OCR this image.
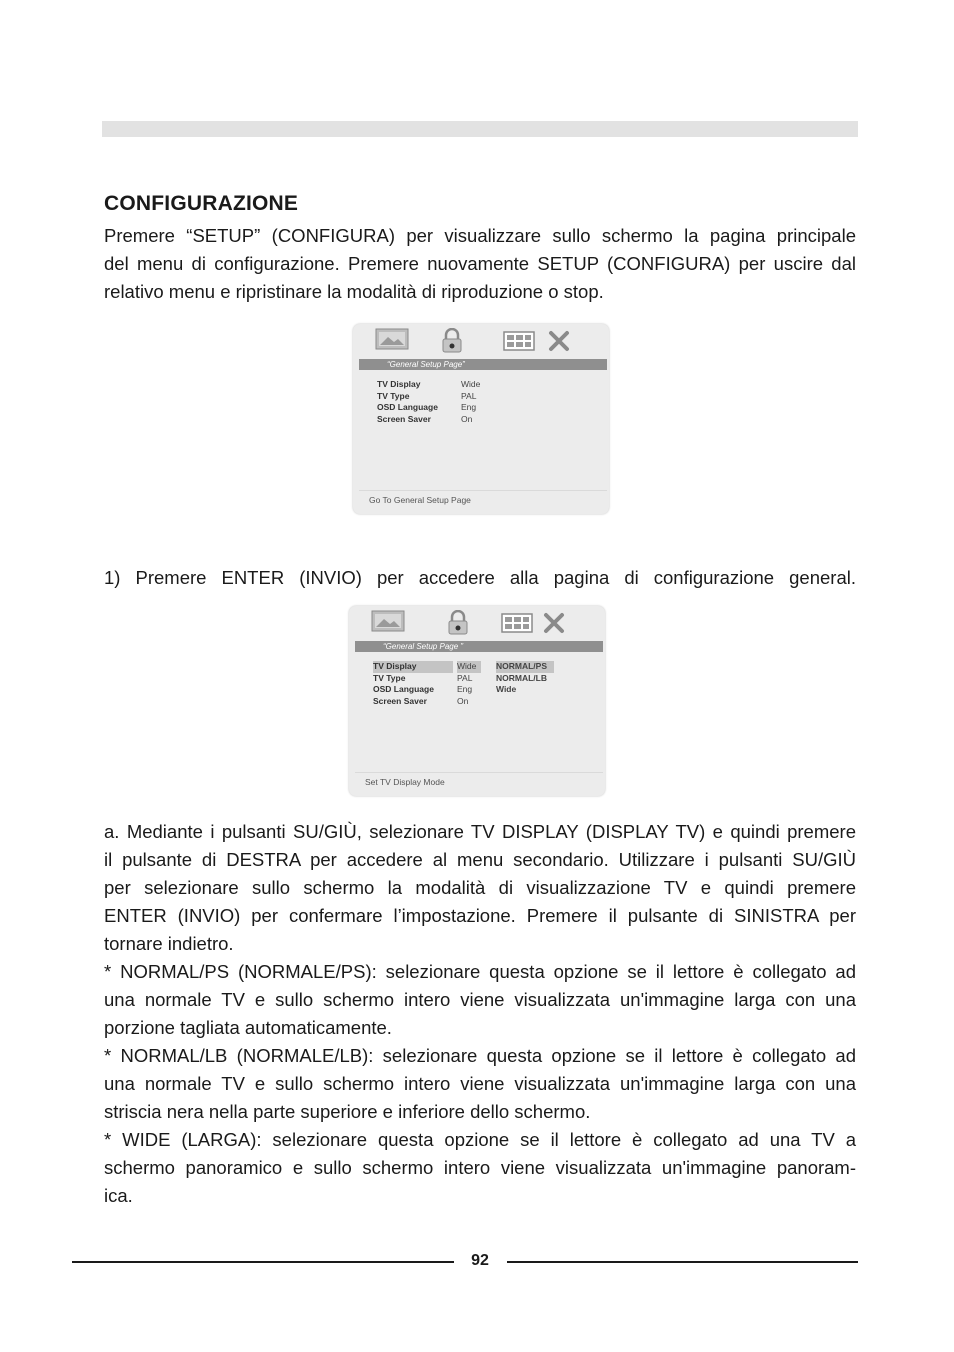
CONFIGURAZIONE
Premere “SETUP” (CONFIGURA) per visualizzare sullo schermo la pagina principale
del menu di configurazione. Premere nuovamente SETUP (CONFIGURA) per uscire dal
relativo menu e ripristinare la modalità di riproduzione o stop.
“General Setup Page”
TV Display	Wide
TV Type	PAL
OSD Language	Eng
Screen Saver	On
Go To General Setup Page
1) Premere ENTER (INVIO) per accedere alla pagina di configurazione general.
“General Setup Page ”
TV Display	Wide	NORMAL/PS
TV Type	PAL	NORMAL/LB
OSD Language	Eng	Wide
Screen Saver	On
Set TV Display Mode
a. Mediante i pulsanti SU/GIÙ, selezionare TV DISPLAY (DISPLAY TV) e quindi premere
il pulsante di DESTRA per accedere al menu secondario. Utilizzare i pulsanti SU/GIÙ
per selezionare sullo schermo la modalità di visualizzazione TV e quindi premere
ENTER (INVIO) per confermare l’impostazione. Premere il pulsante di SINISTRA per
tornare indietro.
* NORMAL/PS (NORMALE/PS): selezionare questa opzione se il lettore è collegato ad
una normale TV e sullo schermo intero viene visualizzata un'immagine larga con una
porzione tagliata automaticamente.
* NORMAL/LB (NORMALE/LB): selezionare questa opzione se il lettore è collegato ad
una normale TV e sullo schermo intero viene visualizzata un'immagine larga con una
striscia nera nella parte superiore e inferiore dello schermo.
* WIDE (LARGA): selezionare questa opzione se il lettore è collegato ad una TV a
schermo panoramico e sullo schermo intero viene visualizzata un'immagine panoram-
ica.
92
